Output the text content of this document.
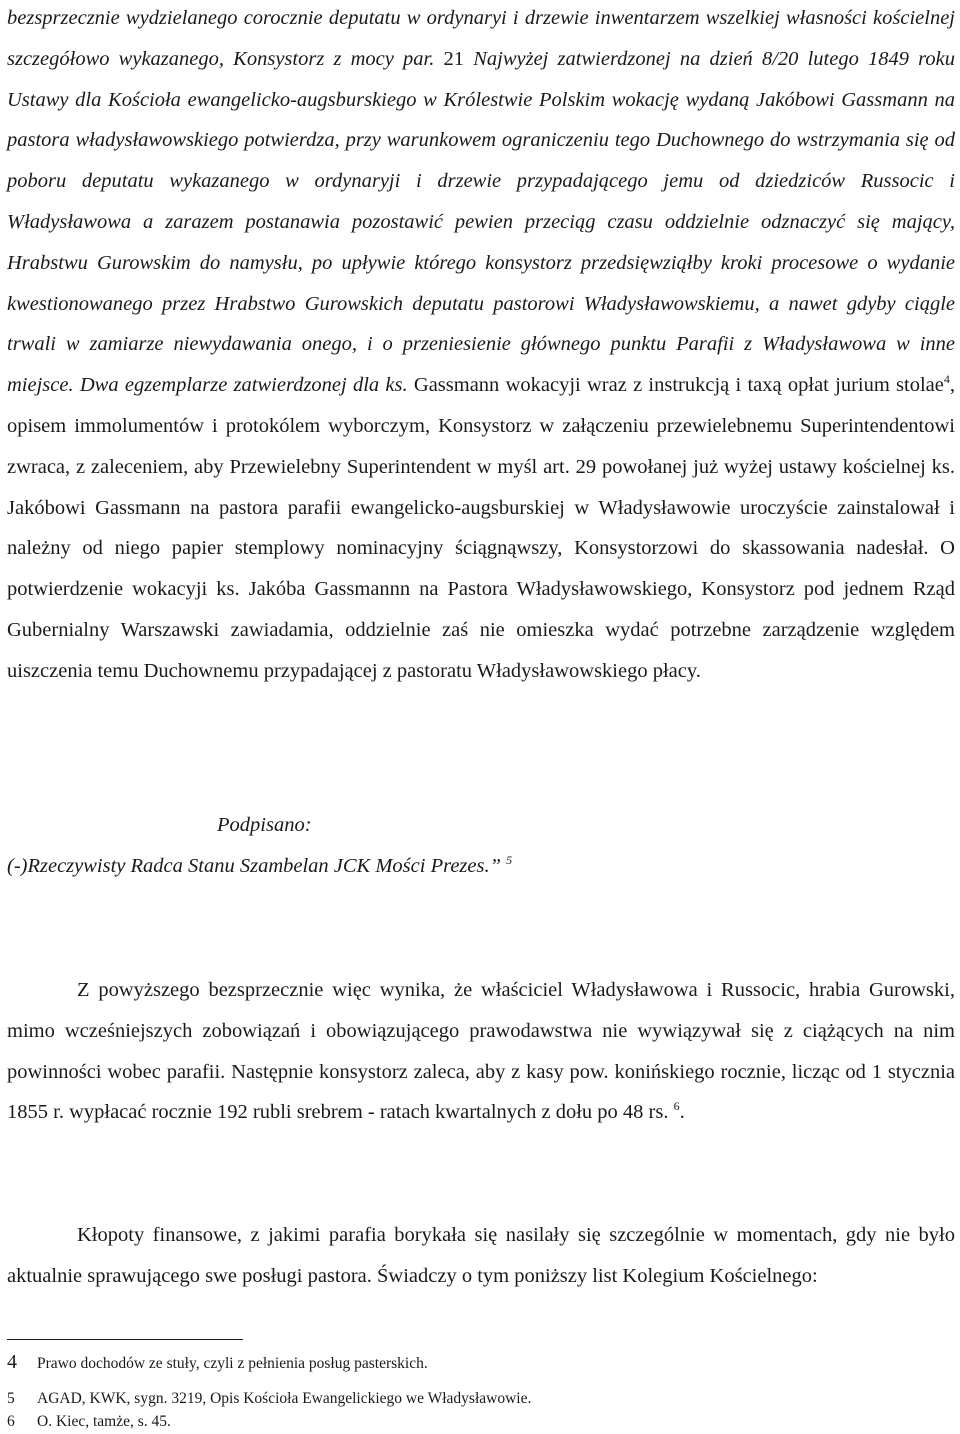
bezsprzecznie wydzielanego corocznie deputatu w ordynaryi i drzewie inwentarzem wszelkiej własności kościelnej szczegółowo wykazanego, Konsystorz z mocy par. 21 Najwyżej zatwierdzonej na dzień 8/20 lutego 1849 roku Ustawy dla Kościoła ewangelicko-augsburskiego w Królestwie Polskim wokację wydaną Jakóbowi Gassmann na pastora władysławowskiego potwierdza, przy warunkowem ograniczeniu tego Duchownego do wstrzymania się od poboru deputatu wykazanego w ordynaryji i drzewie przypadającego jemu od dziedziców Russocic i Władysławowa a zarazem postanawia pozostawić pewien przeciąg czasu oddzielnie odznaczyć się mający, Hrabstwu Gurowskim do namysłu, po upływie którego konsystorz przedsięwziąłby kroki procesowe o wydanie kwestionowanego przez Hrabstwo Gurowskich deputatu pastorowi Władysławowskiemu, a nawet gdyby ciągle trwali w zamiarze niewydawania onego, i o przeniesienie głównego punktu Parafii z Władysławowa w inne miejsce. Dwa egzemplarze zatwierdzonej dla ks. Gassmann wokacyji wraz z instrukcją i taxą opłat jurium stolae$^4$, opisem immolumentów i protokólem wyborczym, Konsystorz w załączeniu przewielebnemu Superintendentowi zwraca, z zaleceniem, aby Przewielebny Superintendent w myśl art. 29 powołanej już wyżej ustawy kościelnej ks. Jakóbowi Gassmann na pastora parafii ewangelicko-augsburskiej w Władysławowie uroczyście zainstalował i należny od niego papier stemplowy nominacyjny ściągnąwszy, Konsystorzowi do skassowania nadesłał. O potwierdzenie wokacyji ks. Jakóba Gassmannn na Pastora Władysławowskiego, Konsystorz pod jednem Rząd Gubernialny Warszawski zawiadamia, oddzielnie zaś nie omieszka wydać potrzebne zarządzenie względem uiszczenia temu Duchownemu przypadającej z pastoratu Władysławowskiego płacy.

Podpisano:
(-)Rzeczywisty Radca Stanu Szambelan JCK Mości Prezes.” $^5$

Z powyższego bezsprzecznie więc wynika, że właściciel Władysławowa i Russocic, hrabia Gurowski, mimo wcześniejszych zobowiązań i obowiązującego prawodawstwa nie wywiązywał się z ciążących na nim powinności wobec parafii. Następnie konsystorz zaleca, aby z kasy pow. konińskiego rocznie, licząc od 1 stycznia 1855 r. wypłacać rocznie 192 rubli srebrem - ratach kwartalnych z dołu po 48 rs. $^6$.

Kłopoty finansowe, z jakimi parafia borykała się nasilały się szczególnie w momentach, gdy nie było aktualnie sprawującego swe posługi pastora. Świadczy o tym poniższy list Kolegium Kościelnego:

4 Prawo dochodów ze stuły, czyli z pełnienia posług pasterskich.
5 AGAD, KWK, sygn. 3219, Opis Kościoła Ewangelickiego we Władysławowie.
6 O. Kiec, tamże, s. 45.
